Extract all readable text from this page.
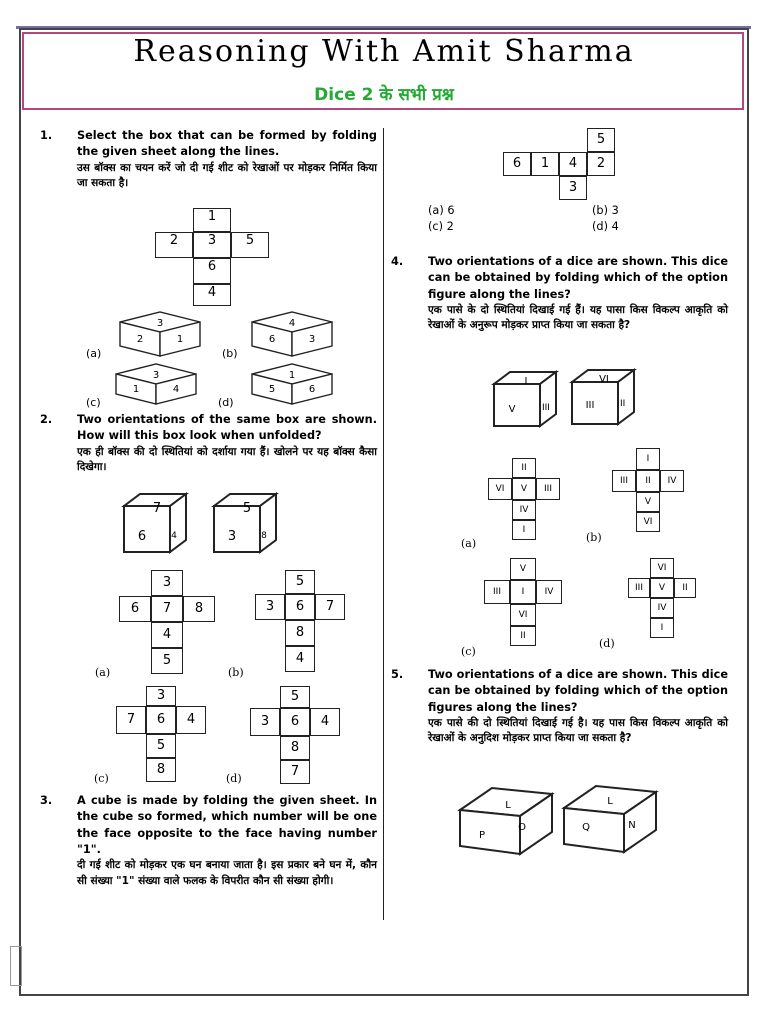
Reasoning With Amit Sharma
Dice 2 के सभी प्रश्न
1. Select the box that can be formed by folding the given sheet along the lines.
उस बॉक्स का चयन करें जो दी गई शीट को रेखाओं पर मोड़कर निर्मित किया जा सकता है।
1
2	3	5
6
4
3
2	1
4
6	3
3
1	4
1
5	6
(a)	(b)
(c)	(d)
7
6	4
5
3	8
I
V	III
VI
III	II
L
P
O
L
Q	N
2. Two orientations of the same box are shown. How will this box look when unfolded?
एक ही बॉक्स की दो स्थितियां को दर्शाया गया हैं। खोलने पर यह बॉक्स कैसा दिखेगा।
3
6	7	8
4
5
(a)
5
3	6	7
8
4
(b)
3
7	6	4
5
8
(c)
5
3	6	4
8
7
(d)
3. A cube is made by folding the given sheet. In the cube so formed, which number will be one the face opposite to the face having number "1".
दी गई शीट को मोड़कर एक घन बनाया जाता है। इस प्रकार बने घन में, कौन सी संख्या "1" संख्या वाले फलक के विपरीत कौन सी संख्या होगी।
5
6	1	4	2
3
(a) 6	(b) 3
(c) 2	(d) 4
4. Two orientations of a dice are shown. This dice can be obtained by folding which of the option figure along the lines?
एक पासे के दो स्थितियां दिखाई गई हैं। यह पासा किस विकल्प आकृति को रेखाओं के अनुरूप मोड़कर प्राप्त किया जा सकता है?
II
VI	V	III
IV
I
(a)
I
III	II	IV
V
VI
(b)
V
III	I	IV
VI
II
(c)
VI
III	V	II
IV
I
(d)
5. Two orientations of a dice are shown. This dice can be obtained by folding which of the option figures along the lines?
एक पासे की दो स्थितियां दिखाई गई है। यह पास किस विकल्प आकृति को रेखाओं के अनुदिश मोड़कर प्राप्त किया जा सकता है?
